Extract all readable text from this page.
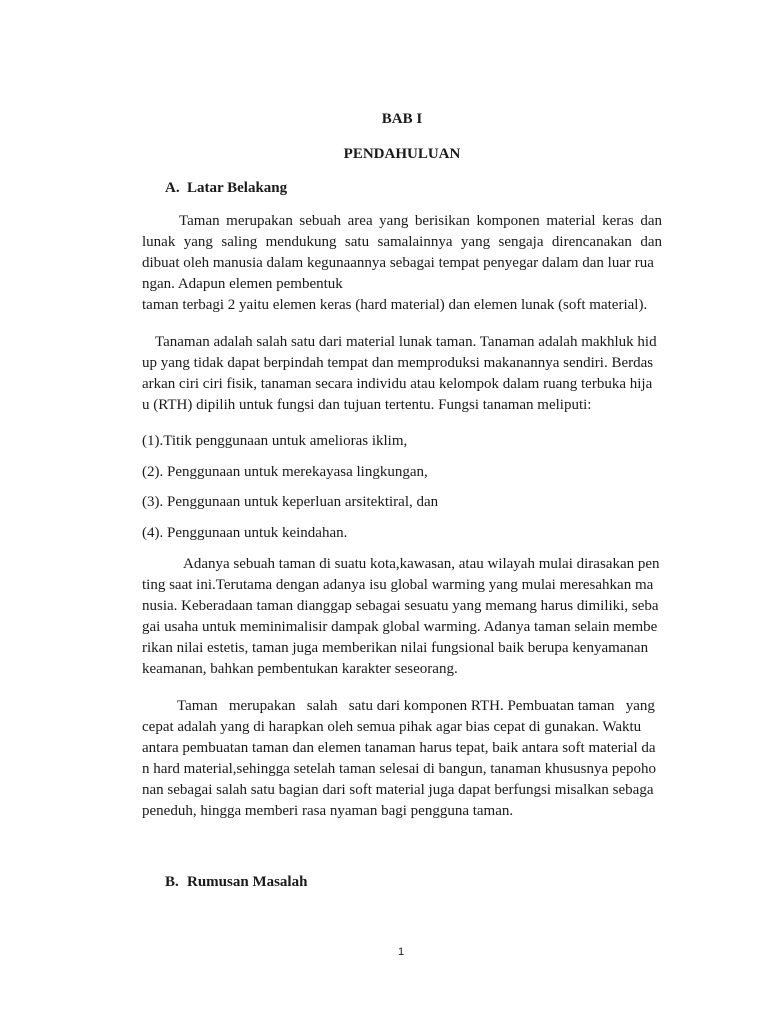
BAB I
PENDAHULUAN
A. Latar Belakang
Taman merupakan sebuah area yang berisikan komponen material keras dan
lunak yang saling mendukung satu samalainnya yang sengaja direncanakan dan
dibuat oleh manusia dalam kegunaannya sebagai tempat penyegar dalam dan luar rua
ngan. Adapun elemen pembentuk
taman terbagi 2 yaitu elemen keras (hard material) dan elemen lunak (soft material).
Tanaman adalah salah satu dari material lunak taman. Tanaman adalah makhluk hid
up yang tidak dapat berpindah tempat dan memproduksi makanannya sendiri. Berdas
arkan ciri ciri fisik, tanaman secara individu atau kelompok dalam ruang terbuka hija
u (RTH) dipilih untuk fungsi dan tujuan tertentu. Fungsi tanaman meliputi:

(1).Titik penggunaan untuk amelioras iklim,

(2). Penggunaan untuk merekayasa lingkungan,

(3). Penggunaan untuk keperluan arsitektiral, dan

(4). Penggunaan untuk keindahan.

Adanya sebuah taman di suatu kota,kawasan, atau wilayah mulai dirasakan pen
ting saat ini.Terutama dengan adanya isu global warming yang mulai meresahkan ma
nusia. Keberadaan taman dianggap sebagai sesuatu yang memang harus dimiliki, seba
gai usaha untuk meminimalisir dampak global warming. Adanya taman selain membe
rikan nilai estetis, taman juga memberikan nilai fungsional baik berupa kenyamanan
keamanan, bahkan pembentukan karakter seseorang.
Taman   merupakan   salah   satu dari komponen RTH. Pembuatan taman   yang
cepat adalah yang di harapkan oleh semua pihak agar bias cepat di gunakan. Waktu
antara pembuatan taman dan elemen tanaman harus tepat, baik antara soft material da
n hard material,sehingga setelah taman selesai di bangun, tanaman khususnya pepoho
nan sebagai salah satu bagian dari soft material juga dapat berfungsi misalkan sebaga
peneduh, hingga memberi rasa nyaman bagi pengguna taman.
B. Rumusan Masalah

1
